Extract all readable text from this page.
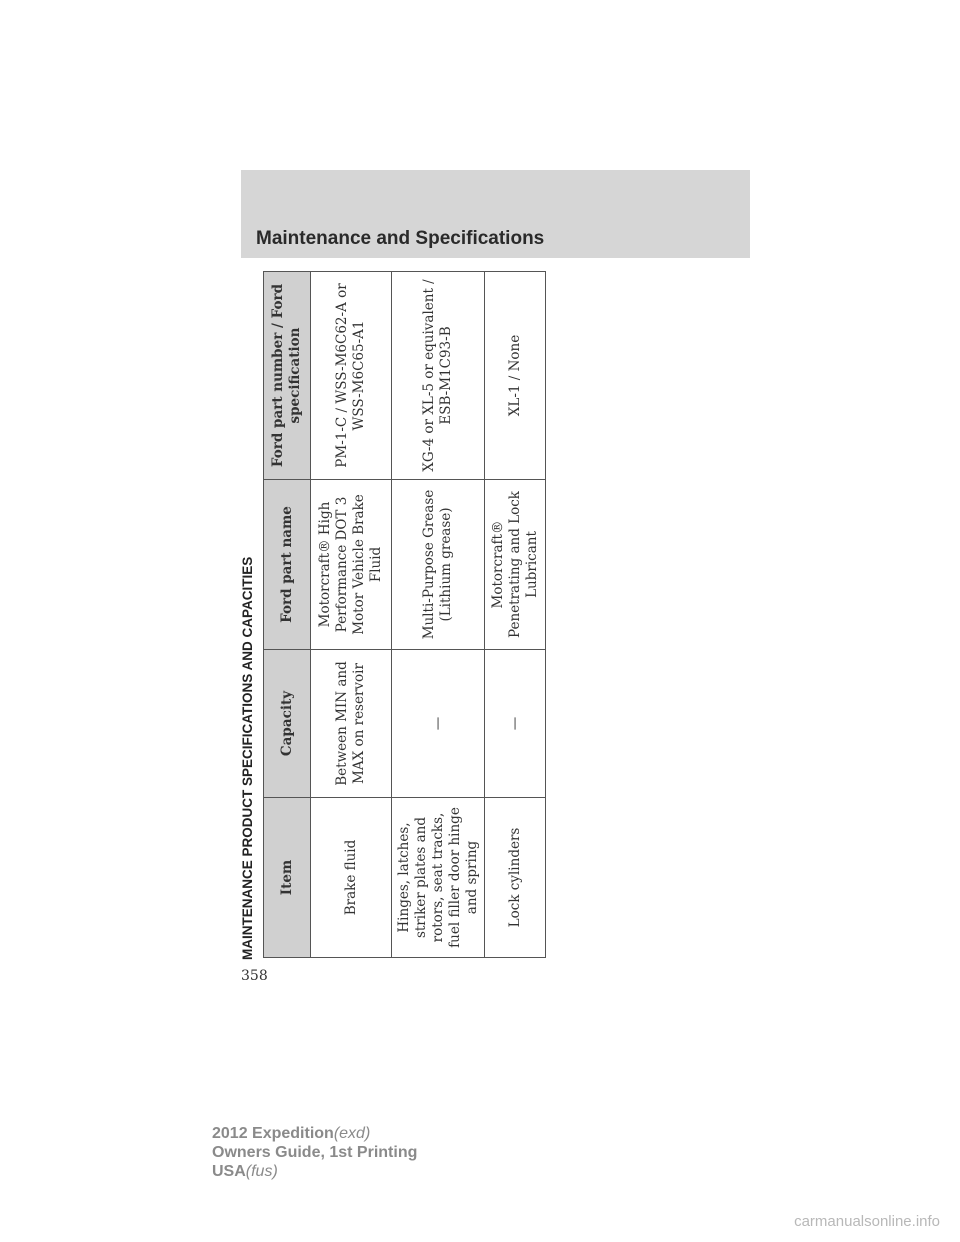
Maintenance and Specifications
MAINTENANCE PRODUCT SPECIFICATIONS AND CAPACITIES Item	Capacity	Ford part name	Ford part number / Ford specification
Brake fluid	Between MIN and MAX on reservoir	Motorcraft® High Performance DOT 3 Motor Vehicle Brake Fluid	PM-1-C / WSS-M6C62-A or WSS-M6C65-A1
Hinges, latches, striker plates and rotors, seat tracks, fuel filler door hinge and spring	—	Multi-Purpose Grease (Lithium grease)	XG-4 or XL-5 or equivalent / ESB-M1C93-B
Lock cylinders	—	Motorcraft® Penetrating and Lock Lubricant	XL-1 / None
358
2012 Expedition(exd)
Owners Guide, 1st Printing
USA(fus)
carmanualsonline.info
